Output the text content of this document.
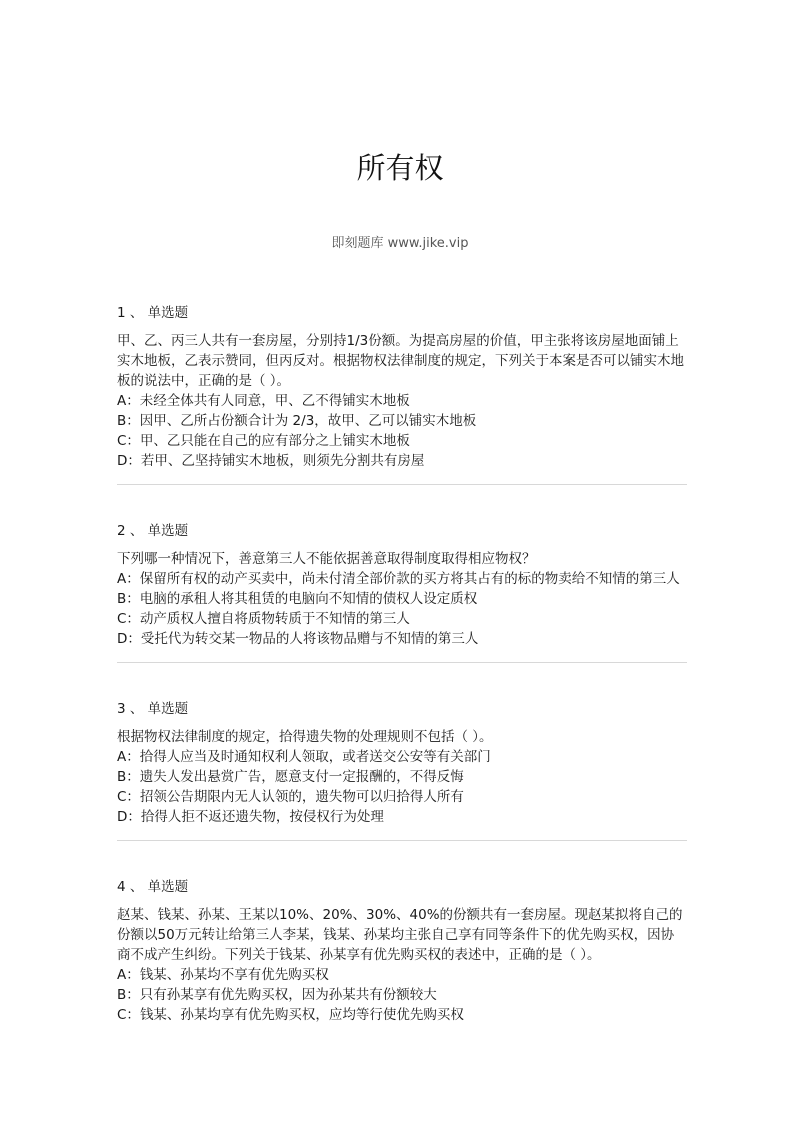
所有权
即刻题库 www.jike.vip
1 、 单选题
甲、乙、丙三人共有一套房屋，分别持1/3份额。为提高房屋的价值，甲主张将该房屋地面铺上实木地板，乙表示赞同，但丙反对。根据物权法律制度的规定，下列关于本案是否可以铺实木地板的说法中，正确的是（ ）。
A：未经全体共有人同意，甲、乙不得铺实木地板
B：因甲、乙所占份额合计为 2/3，故甲、乙可以铺实木地板
C：甲、乙只能在自己的应有部分之上铺实木地板
D：若甲、乙坚持铺实木地板，则须先分割共有房屋
2 、 单选题
下列哪一种情况下，善意第三人不能依据善意取得制度取得相应物权？
A：保留所有权的动产买卖中，尚未付清全部价款的买方将其占有的标的物卖给不知情的第三人
B：电脑的承租人将其租赁的电脑向不知情的债权人设定质权
C：动产质权人擅自将质物转质于不知情的第三人
D：受托代为转交某一物品的人将该物品赠与不知情的第三人
3 、 单选题
根据物权法律制度的规定，拾得遗失物的处理规则不包括（ ）。
A：拾得人应当及时通知权利人领取，或者送交公安等有关部门
B：遗失人发出悬赏广告，愿意支付一定报酬的，不得反悔
C：招领公告期限内无人认领的，遗失物可以归拾得人所有
D：拾得人拒不返还遗失物，按侵权行为处理
4 、 单选题
赵某、钱某、孙某、王某以10%、20%、30%、40%的份额共有一套房屋。现赵某拟将自己的份额以50万元转让给第三人李某，钱某、孙某均主张自己享有同等条件下的优先购买权，因协商不成产生纠纷。下列关于钱某、孙某享有优先购买权的表述中，正确的是（ ）。
A：钱某、孙某均不享有优先购买权
B：只有孙某享有优先购买权，因为孙某共有份额较大
C：钱某、孙某均享有优先购买权，应均等行使优先购买权
